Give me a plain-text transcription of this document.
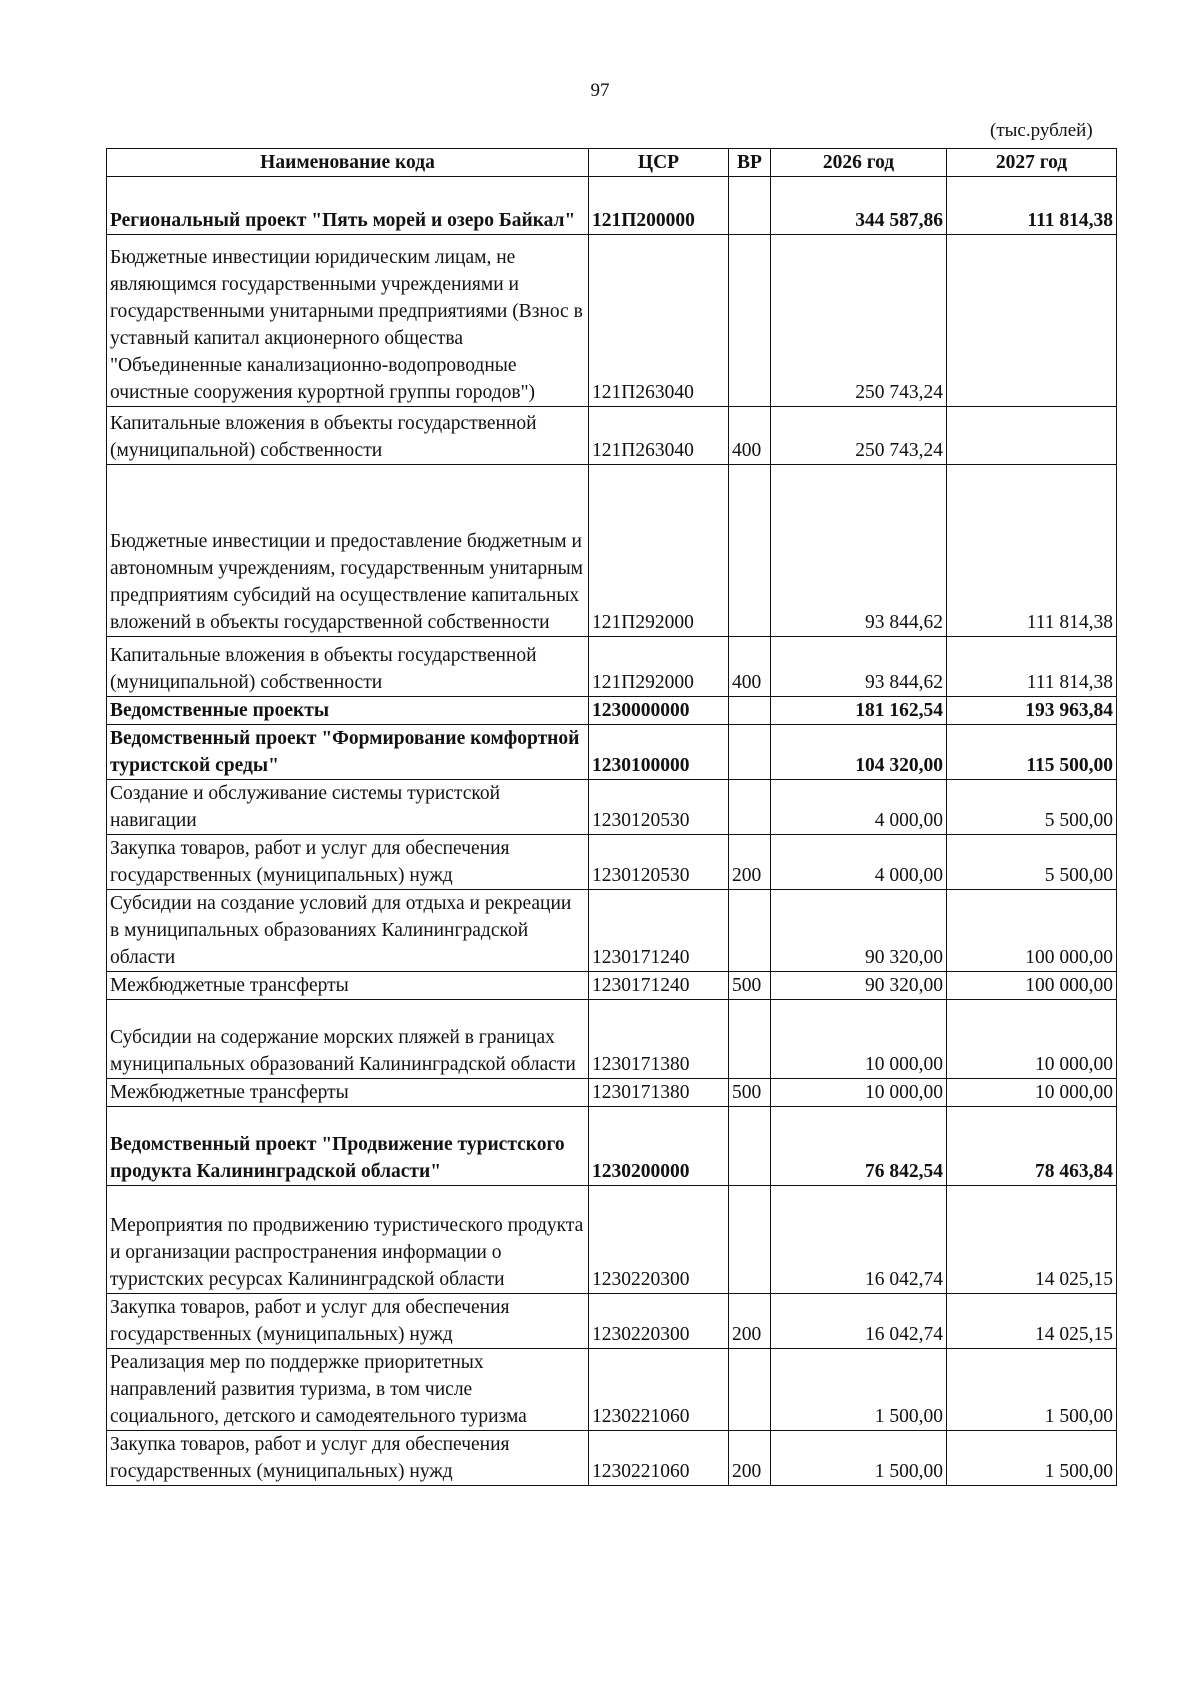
97
(тыс.рублей)
Наименование кода	ЦСР	ВР	2026 год	2027 год
Региональный проект "Пять морей и озеро Байкал"	121П200000		344 587,86	111 814,38
Бюджетные инвестиции юридическим лицам, не являющимся государственными учреждениями и государственными унитарными предприятиями (Взнос в уставный капитал акционерного общества "Объединенные канализационно-водопроводные очистные сооружения курортной группы городов")	121П263040		250 743,24	
Капитальные вложения в объекты государственной (муниципальной) собственности	121П263040	400	250 743,24	
Бюджетные инвестиции и предоставление бюджетным и автономным учреждениям, государственным унитарным предприятиям субсидий на осуществление капитальных вложений в объекты государственной собственности	121П292000		93 844,62	111 814,38
Капитальные вложения в объекты государственной (муниципальной) собственности	121П292000	400	93 844,62	111 814,38
Ведомственные проекты	1230000000		181 162,54	193 963,84
Ведомственный проект "Формирование комфортной туристской среды"	1230100000		104 320,00	115 500,00
Создание и обслуживание системы туристской навигации	1230120530		4 000,00	5 500,00
Закупка товаров, работ и услуг для обеспечения государственных (муниципальных) нужд	1230120530	200	4 000,00	5 500,00
Субсидии на создание условий для отдыха и рекреации в муниципальных образованиях Калининградской области	1230171240		90 320,00	100 000,00
Межбюджетные трансферты	1230171240	500	90 320,00	100 000,00
Субсидии на содержание морских пляжей в границах муниципальных образований Калининградской области	1230171380		10 000,00	10 000,00
Межбюджетные трансферты	1230171380	500	10 000,00	10 000,00
Ведомственный проект "Продвижение туристского продукта Калининградской области"	1230200000		76 842,54	78 463,84
Мероприятия по продвижению туристического продукта и организации распространения информации о туристских ресурсах Калининградской области	1230220300		16 042,74	14 025,15
Закупка товаров, работ и услуг для обеспечения государственных (муниципальных) нужд	1230220300	200	16 042,74	14 025,15
Реализация мер по поддержке приоритетных направлений развития туризма, в том числе социального, детского и самодеятельного туризма	1230221060		1 500,00	1 500,00
Закупка товаров, работ и услуг для обеспечения государственных (муниципальных) нужд	1230221060	200	1 500,00	1 500,00
